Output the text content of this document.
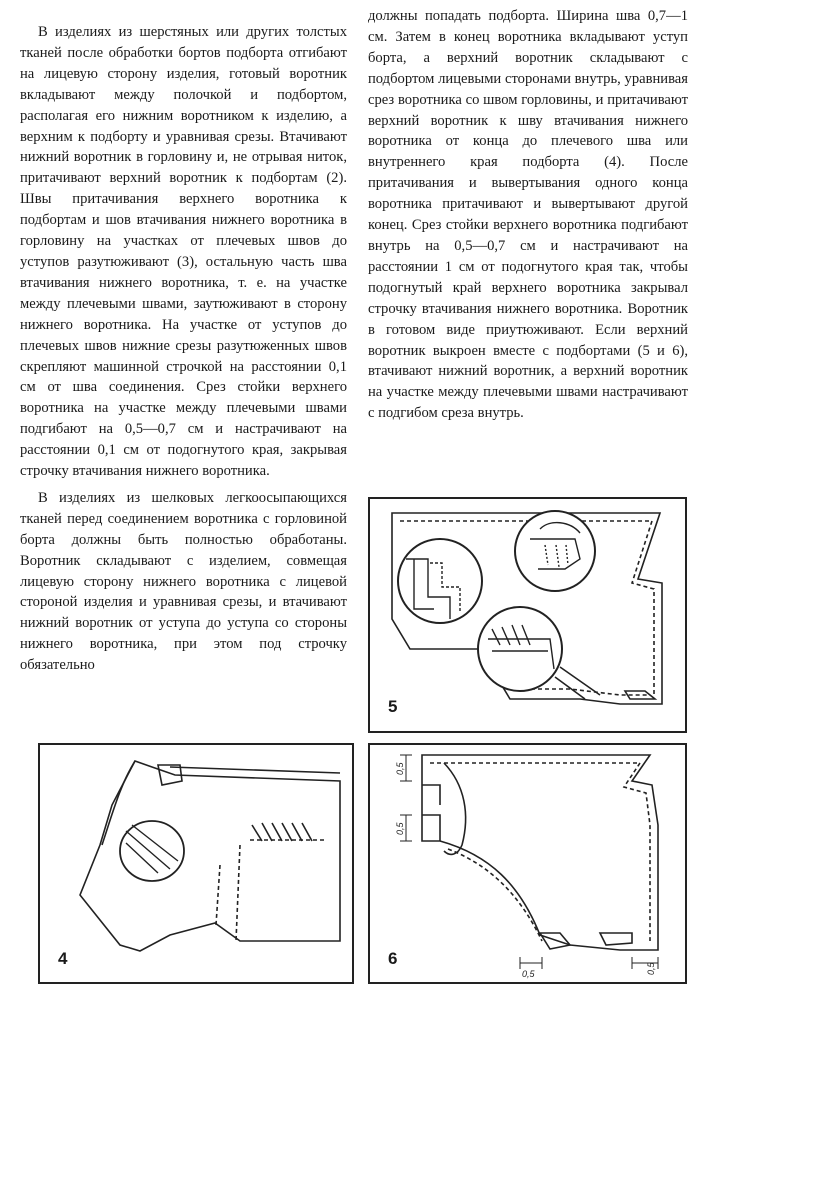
В изделиях из шерстяных или других толстых тканей после обработки бортов подборта отгибают на лицевую сторону изделия, готовый воротник вкладывают между полочкой и подбортом, располагая его нижним воротником к изделию, а верхним к подборту и уравнивая срезы. Втачивают нижний воротник в горловину и, не отрывая ниток, притачивают верхний воротник к подбортам (2). Швы притачивания верхнего воротника к подбортам и шов втачивания нижнего воротника в горловину на участках от плечевых швов до уступов разутюживают (3), остальную часть шва втачивания нижнего воротника, т. е. на участке между плечевыми швами, заутюживают в сторону нижнего воротника. На участке от уступов до плечевых швов нижние срезы разутюженных швов скрепляют машинной строчкой на расстоянии 0,1 см от шва соединения. Срез стойки верхнего воротника на участке между плечевыми швами подгибают на 0,5—0,7 см и настрачивают на расстоянии 0,1 см от подогнутого края, закрывая строчку втачивания нижнего воротника.

В изделиях из шелковых легкоосыпающихся тканей перед соединением воротника с горловиной борта должны быть полностью обработаны. Воротник складывают с изделием, совмещая лицевую сторону нижнего воротника с лицевой стороной изделия и уравнивая срезы, и втачивают нижний воротник от уступа до уступа со стороны нижнего воротника, при этом под строчку обязательно

должны попадать подборта. Ширина шва 0,7—1 см. Затем в конец воротника вкладывают уступ борта, а верхний воротник складывают с подбортом лицевыми сторонами внутрь, уравнивая срез воротника со швом горловины, и притачивают верхний воротник к шву втачивания нижнего воротника от конца до плечевого шва или внутреннего края подборта (4). После притачивания и вывертывания одного конца воротника притачивают и вывертывают другой конец. Срез стойки верхнего воротника подгибают внутрь на 0,5—0,7 см и настрачивают на расстоянии 1 см от подогнутого края так, чтобы подогнутый край верхнего воротника закрывал строчку втачивания нижнего воротника. Воротник в готовом виде приутюживают. Если верхний воротник выкроен вместе с подбортами (5 и 6), втачивают нижний воротник, а верхний воротник на участке между плечевыми швами настрачивают с подгибом среза внутрь.

5
4
0,5
0,5
0,5	0,5
6
